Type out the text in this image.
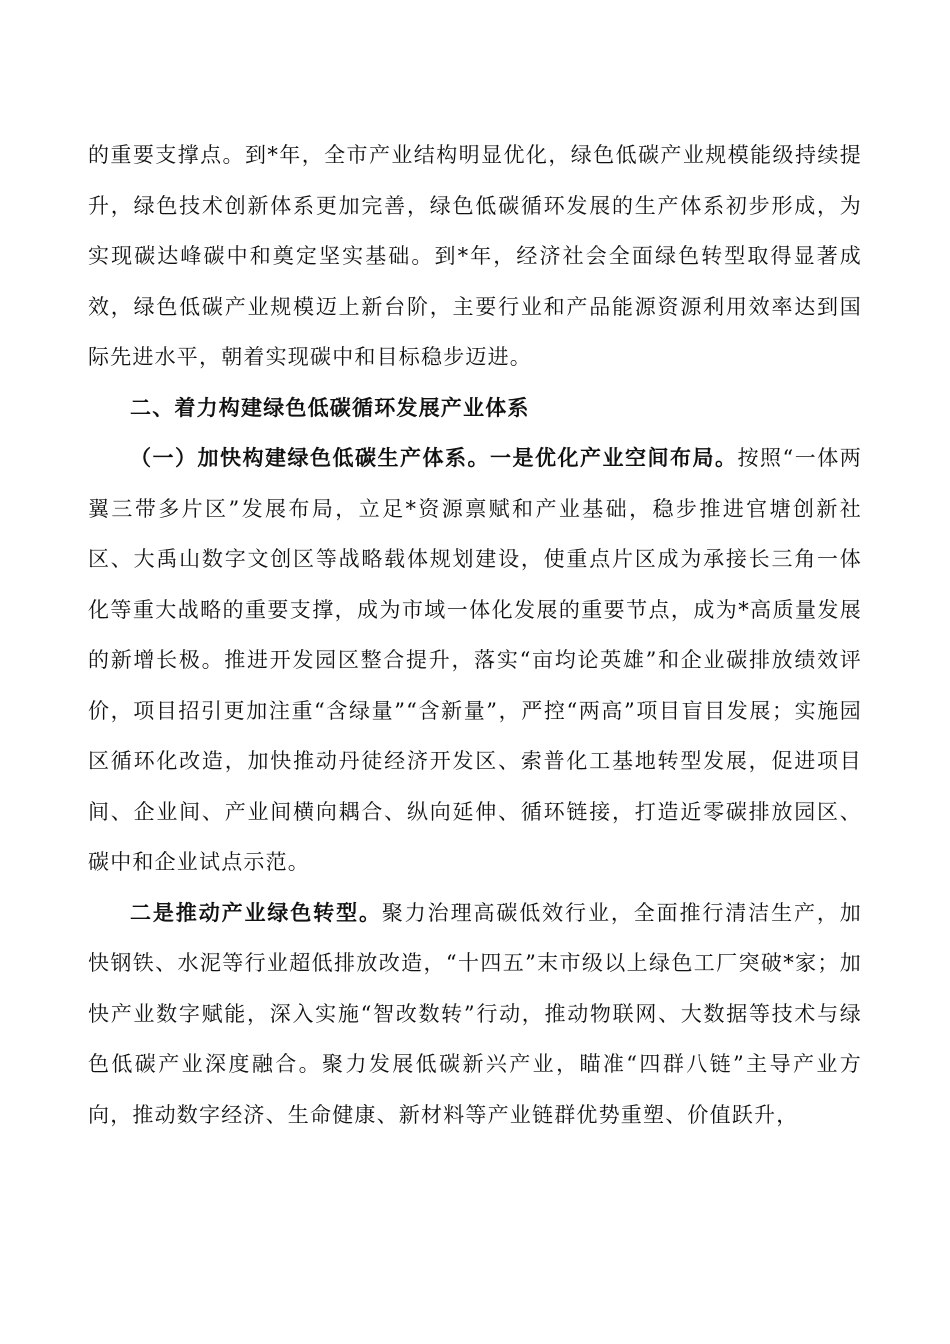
的重要支撑点。到*年，全市产业结构明显优化，绿色低碳产业规模能级持续提升，绿色技术创新体系更加完善，绿色低碳循环发展的生产体系初步形成，为实现碳达峰碳中和奠定坚实基础。到*年，经济社会全面绿色转型取得显著成效，绿色低碳产业规模迈上新台阶，主要行业和产品能源资源利用效率达到国际先进水平，朝着实现碳中和目标稳步迈进。

二、着力构建绿色低碳循环发展产业体系

（一）加快构建绿色低碳生产体系。一是优化产业空间布局。按照“一体两翼三带多片区”发展布局，立足*资源禀赋和产业基础，稳步推进官塘创新社区、大禹山数字文创区等战略载体规划建设，使重点片区成为承接长三角一体化等重大战略的重要支撑，成为市域一体化发展的重要节点，成为*高质量发展的新增长极。推进开发园区整合提升，落实“亩均论英雄”和企业碳排放绩效评价，项目招引更加注重“含绿量”“含新量”，严控“两高”项目盲目发展；实施园区循环化改造，加快推动丹徒经济开发区、索普化工基地转型发展，促进项目间、企业间、产业间横向耦合、纵向延伸、循环链接，打造近零碳排放园区、碳中和企业试点示范。

二是推动产业绿色转型。聚力治理高碳低效行业，全面推行清洁生产，加快钢铁、水泥等行业超低排放改造，“十四五”末市级以上绿色工厂突破*家；加快产业数字赋能，深入实施“智改数转”行动，推动物联网、大数据等技术与绿色低碳产业深度融合。聚力发展低碳新兴产业，瞄准“四群八链”主导产业方向，推动数字经济、生命健康、新材料等产业链群优势重塑、价值跃升，
